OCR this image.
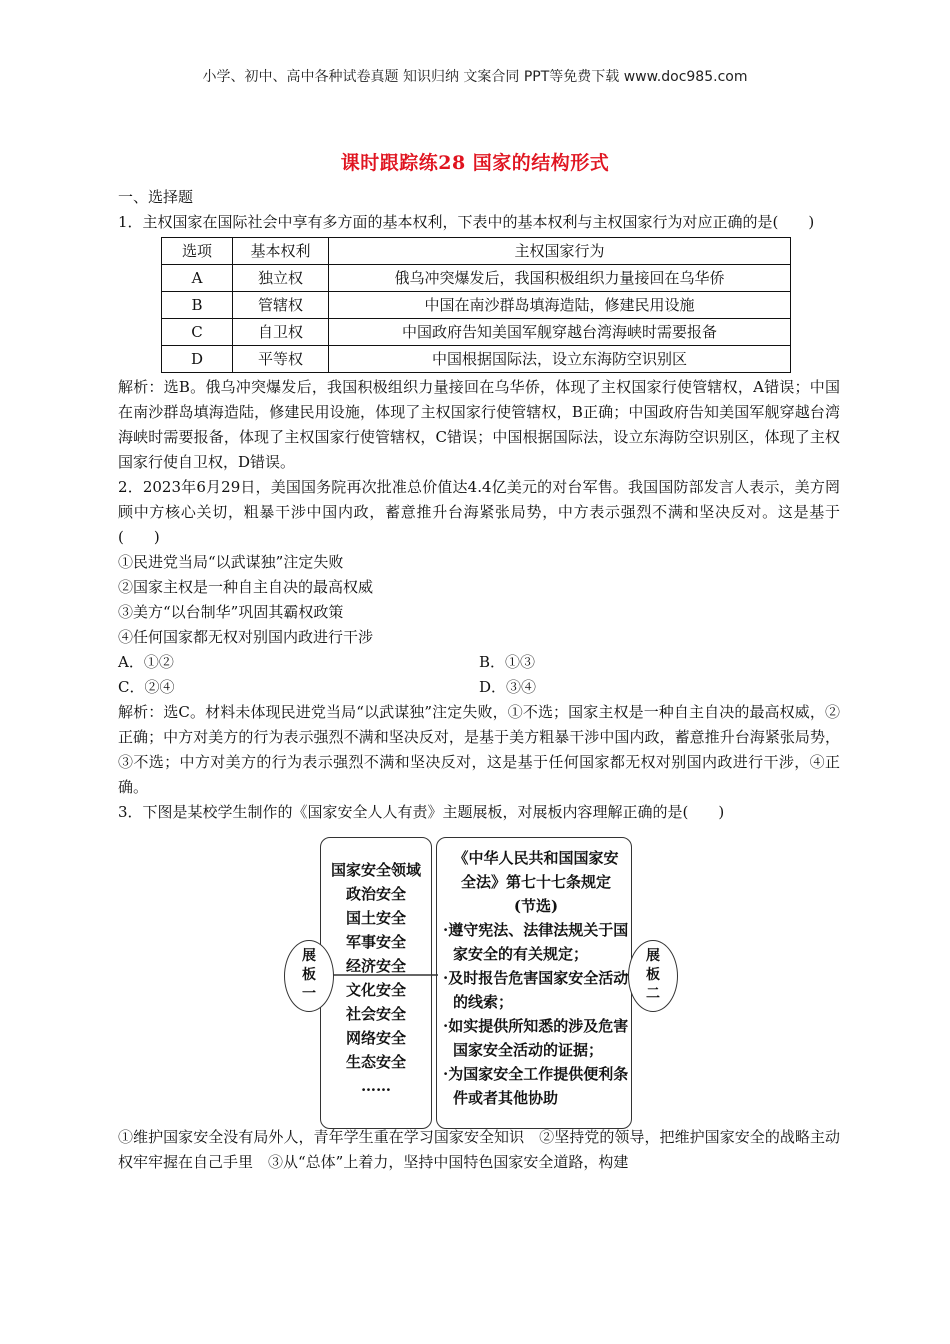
小学、初中、高中各种试卷真题 知识归纳 文案合同 PPT等免费下载 www.doc985.com
课时跟踪练28 国家的结构形式

一、选择题

1．主权国家在国际社会中享有多方面的基本权利，下表中的基本权利与主权国家行为对应正确的是(　　)

选项	基本权利	主权国家行为
A	独立权	俄乌冲突爆发后，我国积极组织力量接回在乌华侨
B	管辖权	中国在南沙群岛填海造陆，修建民用设施
C	自卫权	中国政府告知美国军舰穿越台湾海峡时需要报备
D	平等权	中国根据国际法，设立东海防空识别区

解析：选B。俄乌冲突爆发后，我国积极组织力量接回在乌华侨，体现了主权国家行使管辖权，A错误；中国在南沙群岛填海造陆，修建民用设施，体现了主权国家行使管辖权，B正确；中国政府告知美国军舰穿越台湾海峡时需要报备，体现了主权国家行使管辖权，C错误；中国根据国际法，设立东海防空识别区，体现了主权国家行使自卫权，D错误。

2．2023年6月29日，美国国务院再次批准总价值达4.4亿美元的对台军售。我国国防部发言人表示，美方罔顾中方核心关切，粗暴干涉中国内政，蓄意推升台海紧张局势，中方表示强烈不满和坚决反对。这是基于(　　)

①民进党当局“以武谋独”注定失败

②国家主权是一种自主自决的最高权威

③美方“以台制华”巩固其霸权政策

④任何国家都无权对别国内政进行干涉

A．①②	B．①③
C．②④	D．③④

解析：选C。材料未体现民进党当局“以武谋独”注定失败，①不选；国家主权是一种自主自决的最高权威，②正确；中方对美方的行为表示强烈不满和坚决反对，是基于美方粗暴干涉中国内政，蓄意推升台海紧张局势，③不选；中方对美方的行为表示强烈不满和坚决反对，这是基于任何国家都无权对别国内政进行干涉，④正确。

3．下图是某校学生制作的《国家安全人人有责》主题展板，对展板内容理解正确的是(　　)

国家安全领域
政治安全
国土安全
军事安全
经济安全
文化安全
社会安全
网络安全
生态安全
……
展
板
一
《中华人民共和国国家安
全法》第七十七条规定
(节选)
·遵守宪法、法律法规关于国家安全的有关规定；
·及时报告危害国家安全活动的线索；
·如实提供所知悉的涉及危害国家安全活动的证据；
·为国家安全工作提供便利条件或者其他协助
展
板
二

①维护国家安全没有局外人，青年学生重在学习国家安全知识　②坚持党的领导，把维护国家安全的战略主动权牢牢握在自己手里　③从“总体”上着力，坚持中国特色国家安全道路，构建
